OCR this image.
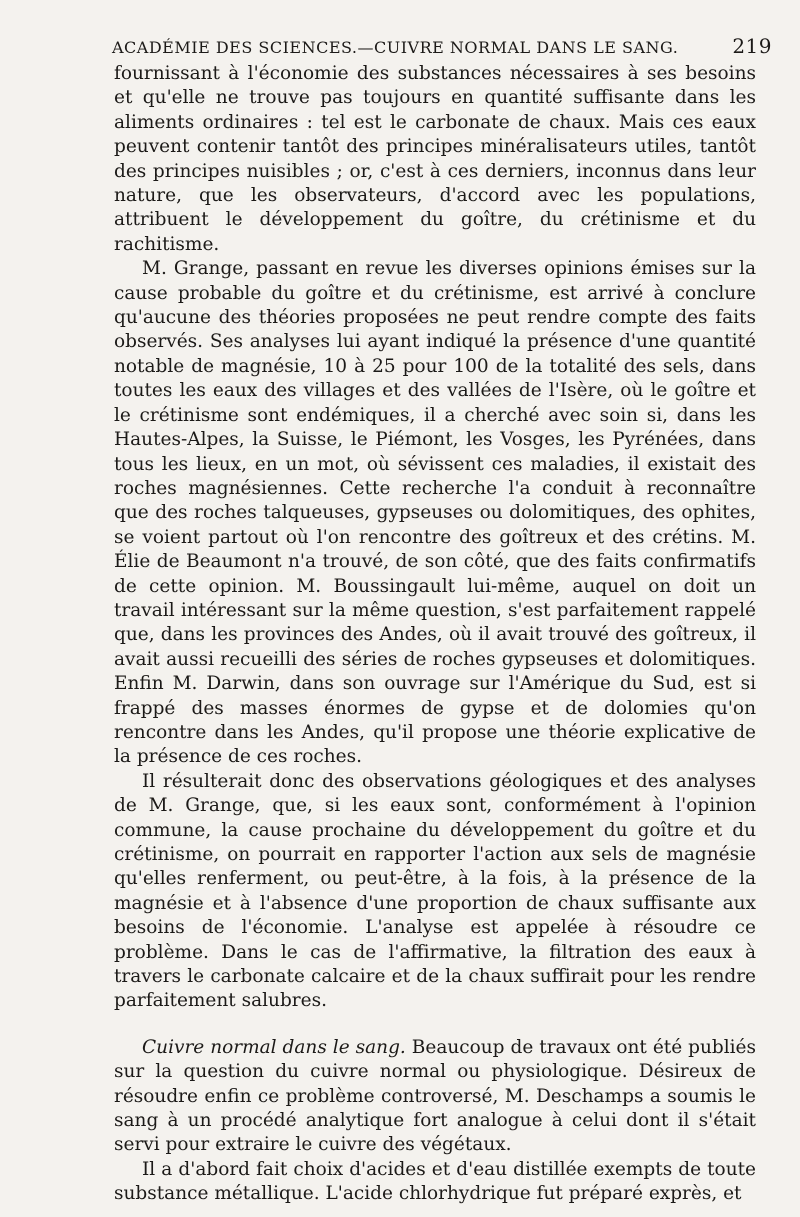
ACADÉMIE DES SCIENCES.—CUIVRE NORMAL DANS LE SANG.	219

fournissant à l'économie des substances nécessaires à ses besoins et qu'elle ne trouve pas toujours en quantité suffisante dans les aliments ordinaires : tel est le carbonate de chaux. Mais ces eaux peuvent contenir tantôt des principes minéralisateurs utiles, tantôt des principes nuisibles ; or, c'est à ces derniers, inconnus dans leur nature, que les observateurs, d'accord avec les populations, attribuent le développement du goître, du crétinisme et du rachitisme.

M. Grange, passant en revue les diverses opinions émises sur la cause probable du goître et du crétinisme, est arrivé à conclure qu'aucune des théories proposées ne peut rendre compte des faits observés. Ses analyses lui ayant indiqué la présence d'une quantité notable de magnésie, 10 à 25 pour 100 de la totalité des sels, dans toutes les eaux des villages et des vallées de l'Isère, où le goître et le crétinisme sont endémiques, il a cherché avec soin si, dans les Hautes-Alpes, la Suisse, le Piémont, les Vosges, les Pyrénées, dans tous les lieux, en un mot, où sévissent ces maladies, il existait des roches magnésiennes. Cette recherche l'a conduit à reconnaître que des roches talqueuses, gypseuses ou dolomitiques, des ophites, se voient partout où l'on rencontre des goîtreux et des crétins. M. Élie de Beaumont n'a trouvé, de son côté, que des faits confirmatifs de cette opinion. M. Boussingault lui-même, auquel on doit un travail intéressant sur la même question, s'est parfaitement rappelé que, dans les provinces des Andes, où il avait trouvé des goîtreux, il avait aussi recueilli des séries de roches gypseuses et dolomitiques. Enfin M. Darwin, dans son ouvrage sur l'Amérique du Sud, est si frappé des masses énormes de gypse et de dolomies qu'on rencontre dans les Andes, qu'il propose une théorie explicative de la présence de ces roches.

Il résulterait donc des observations géologiques et des analyses de M. Grange, que, si les eaux sont, conformément à l'opinion commune, la cause prochaine du développement du goître et du crétinisme, on pourrait en rapporter l'action aux sels de magnésie qu'elles renferment, ou peut-être, à la fois, à la présence de la magnésie et à l'absence d'une proportion de chaux suffisante aux besoins de l'économie. L'analyse est appelée à résoudre ce problème. Dans le cas de l'affirmative, la filtration des eaux à travers le carbonate calcaire et de la chaux suffirait pour les rendre parfaitement salubres.

Cuivre normal dans le sang. Beaucoup de travaux ont été publiés sur la question du cuivre normal ou physiologique. Désireux de résoudre enfin ce problème controversé, M. Deschamps a soumis le sang à un procédé analytique fort analogue à celui dont il s'était servi pour extraire le cuivre des végétaux.

Il a d'abord fait choix d'acides et d'eau distillée exempts de toute substance métallique. L'acide chlorhydrique fut préparé exprès, et
